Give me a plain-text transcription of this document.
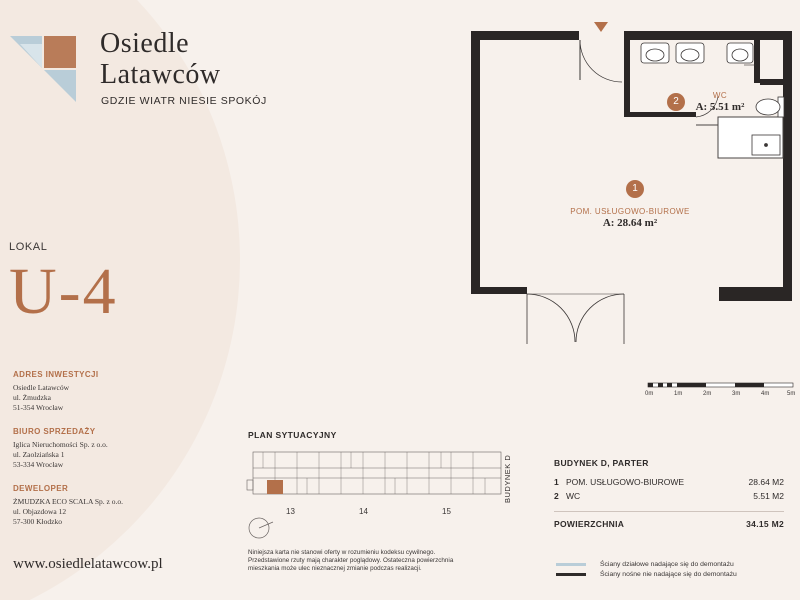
Osiedle
Latawców
GDZIE WIATR NIESIE SPOKÓJ
LOKAL
U-4
ADRES INWESTYCJI
Osiedle Latawców
ul. Żmudzka
51-354 Wrocław
BIURO SPRZEDAŻY
Iglica Nieruchomości Sp. z o.o.
ul. Zaolziańska 1
53-334 Wrocław
DEWELOPER
ŻMUDZKA ECO SCALA Sp. z o.o.
ul. Objazdowa 12
57-300 Kłodzko
www.osiedlelatawcow.pl
1
POM. USŁUGOWO-BIUROWE
A: 28.64 m²
2
WC
A: 5.51 m²
0m	1m	2m	3m	4m	5m
PLAN SYTUACYJNY
13	14	15
BUDYNEK D
Niniejsza karta nie stanowi oferty w rozumieniu kodeksu cywilnego.
Przedstawione rzuty mają charakter poglądowy. Ostateczna powierzchnia
mieszkania może ulec nieznacznej zmianie podczas realizacji.
BUDYNEK D, PARTER
1 POM. USŁUGOWO-BIUROWE	28.64 M2
2 WC	5.51 M2
POWIERZCHNIA	34.15 M2
Ściany działowe nadające się do demontażu
Ściany nośne nie nadające się do demontażu
